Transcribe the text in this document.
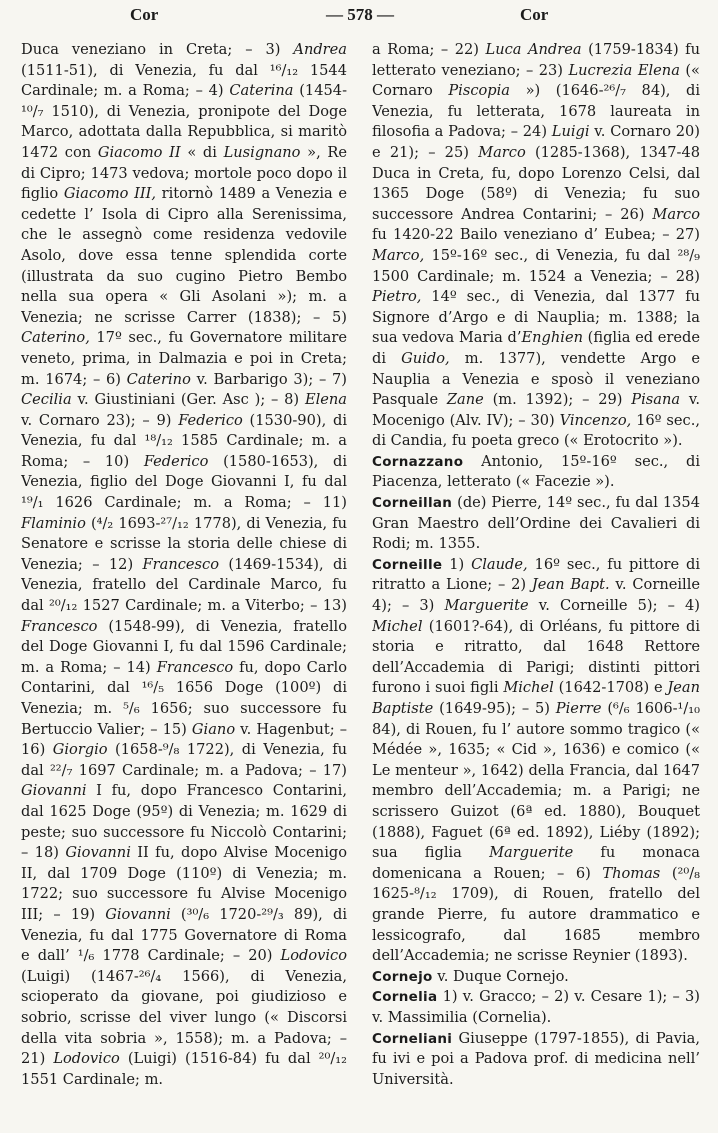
Cor	— 578 —	Cor

Duca veneziano in Creta; – 3) Andrea (1511-51), di Venezia, fu dal ¹⁶/₁₂ 1544 Cardinale; m. a Roma; – 4) Caterina (1454-¹⁰/₇ 1510), di Venezia, pronipote del Doge Marco, adottata dalla Repubblica, si maritò 1472 con Giacomo II « di Lusignano », Re di Cipro; 1473 vedova; mortole poco dopo il figlio Giacomo III, ritornò 1489 a Venezia e cedette l’ Isola di Cipro alla Serenissima, che le assegnò come residenza vedovile Asolo, dove essa tenne splendida corte (illustrata da suo cugino Pietro Bembo nella sua opera « Gli Asolani »); m. a Venezia; ne scrisse Carrer (1838); – 5) Caterino, 17º sec., fu Governatore militare veneto, prima, in Dalmazia e poi in Creta; m. 1674; – 6) Caterino v. Barbarigo 3); – 7) Cecilia v. Giustiniani (Ger. Asc ); – 8) Elena v. Cornaro 23); – 9) Federico (1530-90), di Venezia, fu dal ¹⁸/₁₂ 1585 Cardinale; m. a Roma; – 10) Federico (1580-1653), di Venezia, figlio del Doge Giovanni I, fu dal ¹⁹/₁ 1626 Cardinale; m. a Roma; – 11) Flaminio (⁴/₂ 1693-²⁷/₁₂ 1778), di Venezia, fu Senatore e scrisse la storia delle chiese di Venezia; – 12) Francesco (1469-1534), di Venezia, fratello del Cardinale Marco, fu dal ²⁰/₁₂ 1527 Cardinale; m. a Viterbo; – 13) Francesco (1548-99), di Venezia, fratello del Doge Giovanni I, fu dal 1596 Cardinale; m. a Roma; – 14) Francesco fu, dopo Carlo Contarini, dal ¹⁶/₅ 1656 Doge (100º) di Venezia; m. ⁵/₆ 1656; suo successore fu Bertuccio Valier; – 15) Giano v. Hagenbut; – 16) Giorgio (1658-⁹/₈ 1722), di Venezia, fu dal ²²/₇ 1697 Cardinale; m. a Padova; – 17) Giovanni I fu, dopo Francesco Contarini, dal 1625 Doge (95º) di Venezia; m. 1629 di peste; suo successore fu Niccolò Contarini; – 18) Giovanni II fu, dopo Alvise Mocenigo II, dal 1709 Doge (110º) di Venezia; m. 1722; suo successore fu Alvise Mocenigo III; – 19) Giovanni (³⁰/₆ 1720-²⁹/₃ 89), di Venezia, fu dal 1775 Governatore di Roma e dall’ ¹/₆ 1778 Cardinale; – 20) Lodovico (Luigi) (1467-²⁶/₄ 1566), di Venezia, scioperato da giovane, poi giudizioso e sobrio, scrisse del viver lungo (« Discorsi della vita sobria », 1558); m. a Padova; – 21) Lodovico (Luigi) (1516-84) fu dal ²⁰/₁₂ 1551 Cardinale; m.

a Roma; – 22) Luca Andrea (1759-1834) fu letterato veneziano; – 23) Lucrezia Elena (« Cornaro Piscopia ») (1646-²⁶/₇ 84), di Venezia, fu letterata, 1678 laureata in filosofia a Padova; – 24) Luigi v. Cornaro 20) e 21); – 25) Marco (1285-1368), 1347-48 Duca in Creta, fu, dopo Lorenzo Celsi, dal 1365 Doge (58º) di Venezia; fu suo successore Andrea Contarini; – 26) Marco fu 1420-22 Bailo veneziano d’ Eubea; – 27) Marco, 15º-16º sec., di Venezia, fu dal ²⁸/₉ 1500 Cardinale; m. 1524 a Venezia; – 28) Pietro, 14º sec., di Venezia, dal 1377 fu Signore d’Argo e di Nauplia; m. 1388; la sua vedova Maria d’Enghien (figlia ed erede di Guido, m. 1377), vendette Argo e Nauplia a Venezia e sposò il veneziano Pasquale Zane (m. 1392); – 29) Pisana v. Mocenigo (Alv. IV); – 30) Vincenzo, 16º sec., di Candia, fu poeta greco (« Erotocrito »).

Cornazzano Antonio, 15º-16º sec., di Piacenza, letterato (« Facezie »).

Corneillan (de) Pierre, 14º sec., fu dal 1354 Gran Maestro dell’Ordine dei Cavalieri di Rodi; m. 1355.

Corneille 1) Claude, 16º sec., fu pittore di ritratto a Lione; – 2) Jean Bapt. v. Corneille 4); – 3) Marguerite v. Corneille 5); – 4) Michel (1601?-64), di Orléans, fu pittore di storia e ritratto, dal 1648 Rettore dell’Accademia di Parigi; distinti pittori furono i suoi figli Michel (1642-1708) e Jean Baptiste (1649-95); – 5) Pierre (⁶/₆ 1606-¹/₁₀ 84), di Rouen, fu l’ autore sommo tragico (« Médée », 1635; « Cid », 1636) e comico (« Le menteur », 1642) della Francia, dal 1647 membro dell’Accademia; m. a Parigi; ne scrissero Guizot (6ª ed. 1880), Bouquet (1888), Faguet (6ª ed. 1892), Liéby (1892); sua figlia Marguerite fu monaca domenicana a Rouen; – 6) Thomas (²⁰/₈ 1625-⁸/₁₂ 1709), di Rouen, fratello del grande Pierre, fu autore drammatico e lessicografo, dal 1685 membro dell’Accademia; ne scrisse Reynier (1893).

Cornejo v. Duque Cornejo.

Cornelia 1) v. Gracco; – 2) v. Cesare 1); – 3) v. Massimilia (Cornelia).

Corneliani Giuseppe (1797-1855), di Pavia, fu ivi e poi a Padova prof. di medicina nell’ Università.
